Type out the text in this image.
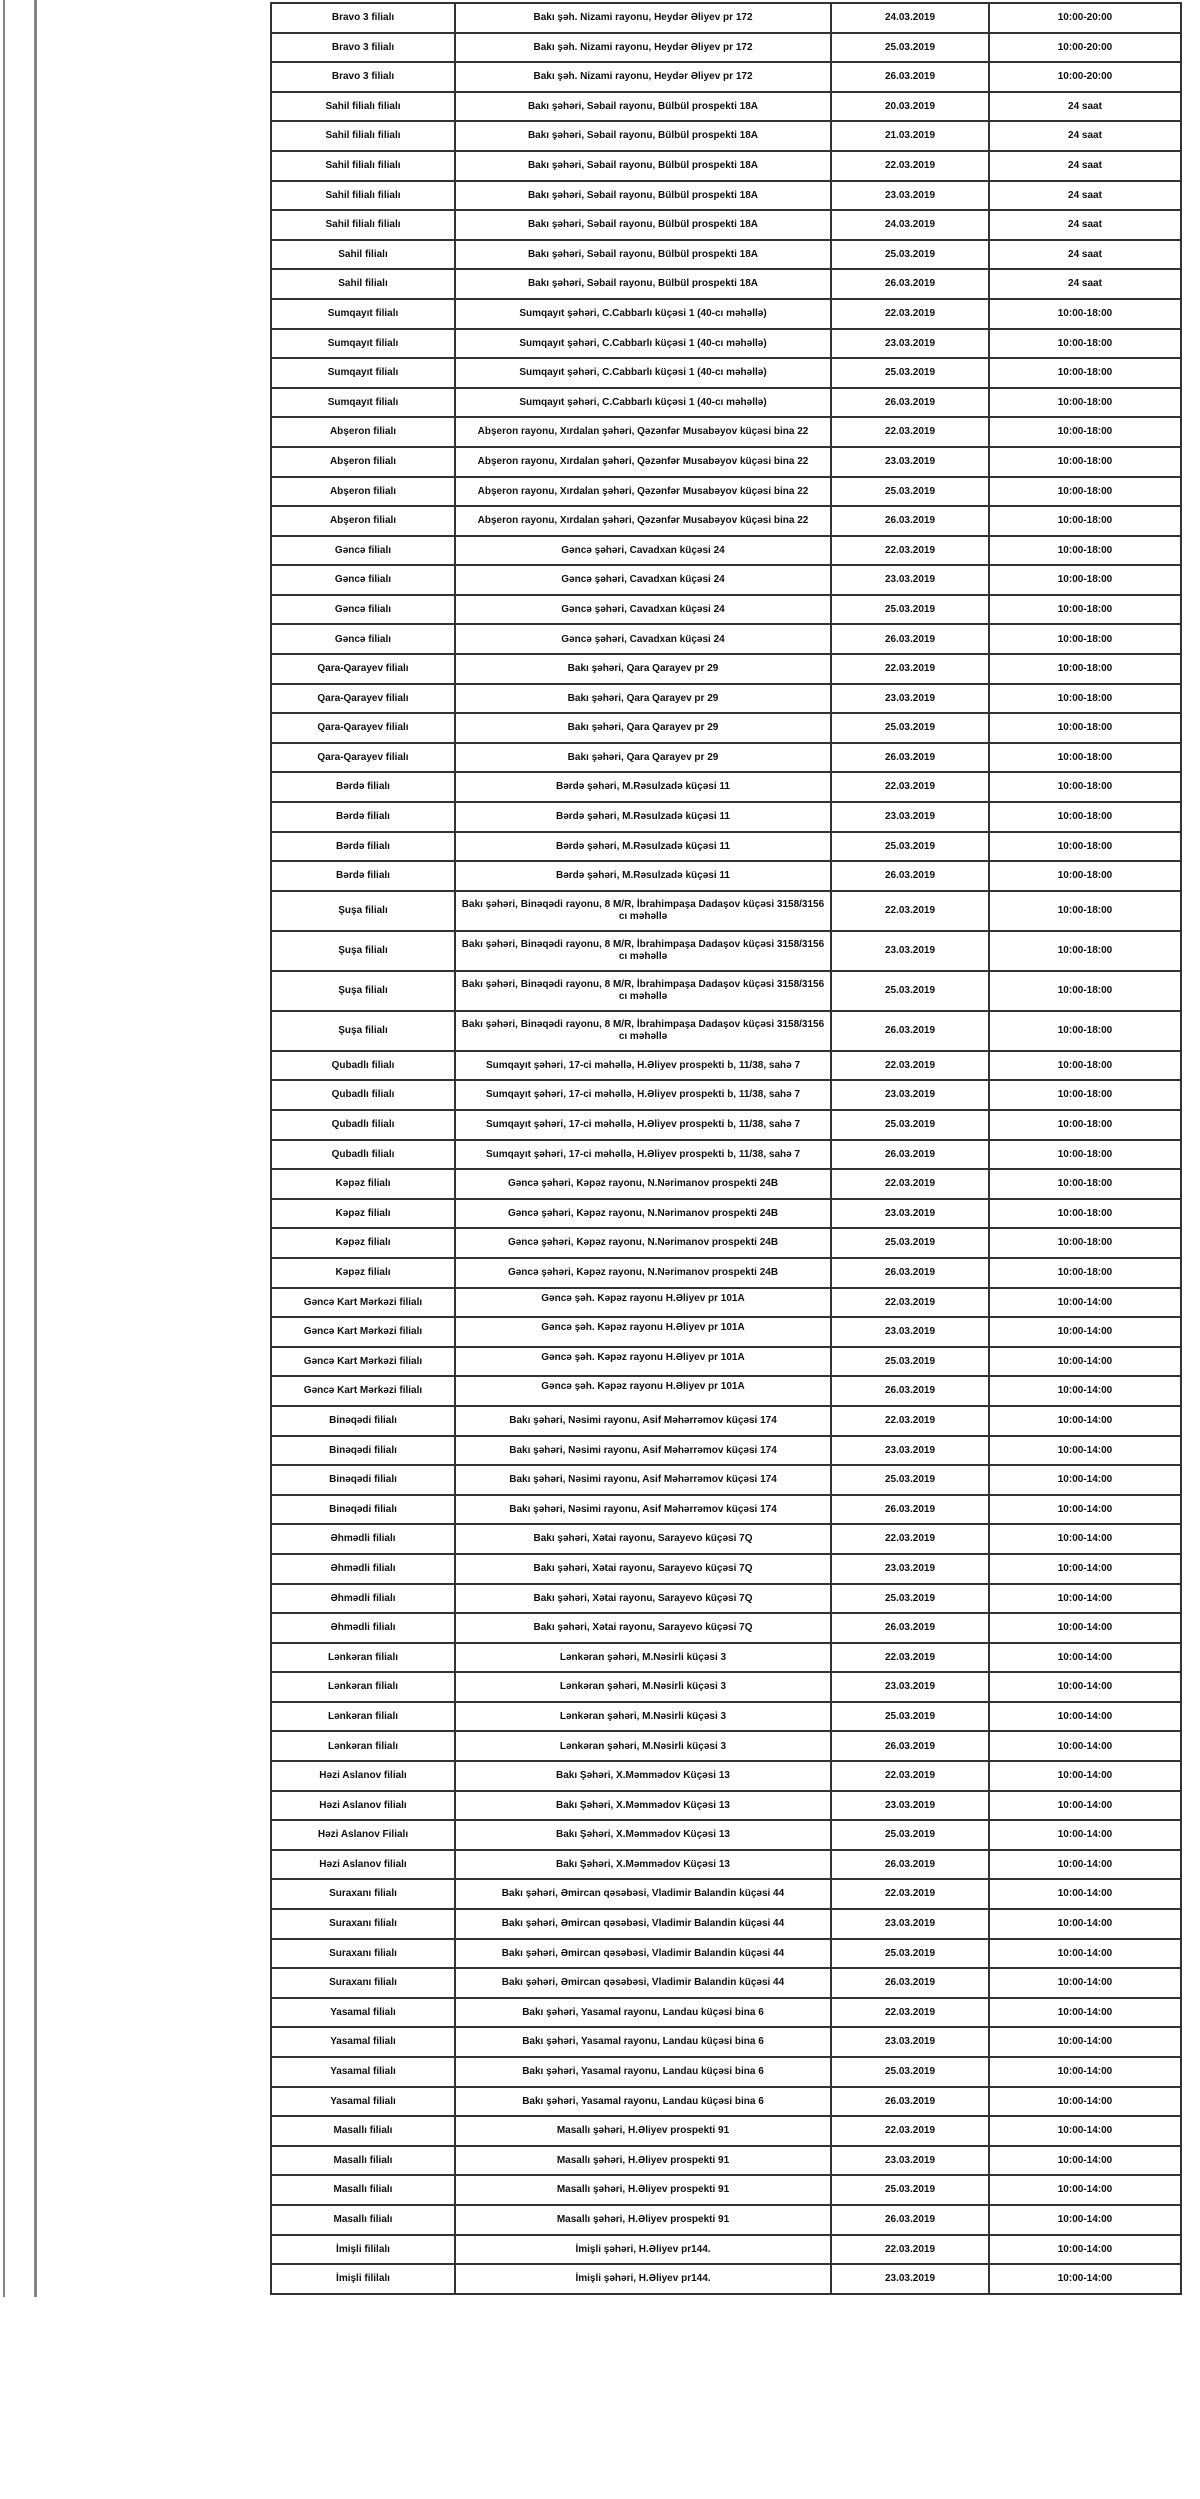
Bravo 3 filialı	Bakı şəh. Nizami rayonu, Heydər Əliyev pr 172	24.03.2019	10:00-20:00
Bravo 3 filialı	Bakı şəh. Nizami rayonu, Heydər Əliyev pr 172	25.03.2019	10:00-20:00
Bravo 3 filialı	Bakı şəh. Nizami rayonu, Heydər Əliyev pr 172	26.03.2019	10:00-20:00
Sahil filialı filialı	Bakı şəhəri, Səbail rayonu, Bülbül prospekti 18A	20.03.2019	24 saat
Sahil filialı filialı	Bakı şəhəri, Səbail rayonu, Bülbül prospekti 18A	21.03.2019	24 saat
Sahil filialı filialı	Bakı şəhəri, Səbail rayonu, Bülbül prospekti 18A	22.03.2019	24 saat
Sahil filialı filialı	Bakı şəhəri, Səbail rayonu, Bülbül prospekti 18A	23.03.2019	24 saat
Sahil filialı filialı	Bakı şəhəri, Səbail rayonu, Bülbül prospekti 18A	24.03.2019	24 saat
Sahil filialı	Bakı şəhəri, Səbail rayonu, Bülbül prospekti 18A	25.03.2019	24 saat
Sahil filialı	Bakı şəhəri, Səbail rayonu, Bülbül prospekti 18A	26.03.2019	24 saat
Sumqayıt filialı	Sumqayıt şəhəri, C.Cabbarlı küçəsi 1 (40-cı məhəllə)	22.03.2019	10:00-18:00
Sumqayıt filialı	Sumqayıt şəhəri, C.Cabbarlı küçəsi 1 (40-cı məhəllə)	23.03.2019	10:00-18:00
Sumqayıt filialı	Sumqayıt şəhəri, C.Cabbarlı küçəsi 1 (40-cı məhəllə)	25.03.2019	10:00-18:00
Sumqayıt filialı	Sumqayıt şəhəri, C.Cabbarlı küçəsi 1 (40-cı məhəllə)	26.03.2019	10:00-18:00
Abşeron filialı	Abşeron rayonu, Xırdalan şəhəri, Qəzənfər Musabəyov küçəsi bina 22	22.03.2019	10:00-18:00
Abşeron filialı	Abşeron rayonu, Xırdalan şəhəri, Qəzənfər Musabəyov küçəsi bina 22	23.03.2019	10:00-18:00
Abşeron filialı	Abşeron rayonu, Xırdalan şəhəri, Qəzənfər Musabəyov küçəsi bina 22	25.03.2019	10:00-18:00
Abşeron filialı	Abşeron rayonu, Xırdalan şəhəri, Qəzənfər Musabəyov küçəsi bina 22	26.03.2019	10:00-18:00
Gəncə filialı	Gəncə şəhəri, Cavadxan küçəsi 24	22.03.2019	10:00-18:00
Gəncə filialı	Gəncə şəhəri, Cavadxan küçəsi 24	23.03.2019	10:00-18:00
Gəncə filialı	Gəncə şəhəri, Cavadxan küçəsi 24	25.03.2019	10:00-18:00
Gəncə filialı	Gəncə şəhəri, Cavadxan küçəsi 24	26.03.2019	10:00-18:00
Qara-Qarayev filialı	Bakı şəhəri, Qara Qarayev pr 29	22.03.2019	10:00-18:00
Qara-Qarayev filialı	Bakı şəhəri, Qara Qarayev pr 29	23.03.2019	10:00-18:00
Qara-Qarayev filialı	Bakı şəhəri, Qara Qarayev pr 29	25.03.2019	10:00-18:00
Qara-Qarayev filialı	Bakı şəhəri, Qara Qarayev pr 29	26.03.2019	10:00-18:00
Bərdə filialı	Bərdə şəhəri, M.Rəsulzadə küçəsi 11	22.03.2019	10:00-18:00
Bərdə filialı	Bərdə şəhəri, M.Rəsulzadə küçəsi 11	23.03.2019	10:00-18:00
Bərdə filialı	Bərdə şəhəri, M.Rəsulzadə küçəsi 11	25.03.2019	10:00-18:00
Bərdə filialı	Bərdə şəhəri, M.Rəsulzadə küçəsi 11	26.03.2019	10:00-18:00
Şuşa filialı	Bakı şəhəri, Binəqədi rayonu, 8 M/R, İbrahimpaşa Dadaşov küçəsi 3158/3156 cı məhəllə	22.03.2019	10:00-18:00
Şuşa filialı	Bakı şəhəri, Binəqədi rayonu, 8 M/R, İbrahimpaşa Dadaşov küçəsi 3158/3156 cı məhəllə	23.03.2019	10:00-18:00
Şuşa filialı	Bakı şəhəri, Binəqədi rayonu, 8 M/R, İbrahimpaşa Dadaşov küçəsi 3158/3156 cı məhəllə	25.03.2019	10:00-18:00
Şuşa filialı	Bakı şəhəri, Binəqədi rayonu, 8 M/R, İbrahimpaşa Dadaşov küçəsi 3158/3156 cı məhəllə	26.03.2019	10:00-18:00
Qubadlı filialı	Sumqayıt şəhəri, 17-ci məhəllə, H.Əliyev prospekti b, 11/38, sahə 7	22.03.2019	10:00-18:00
Qubadlı filialı	Sumqayıt şəhəri, 17-ci məhəllə, H.Əliyev prospekti b, 11/38, sahə 7	23.03.2019	10:00-18:00
Qubadlı filialı	Sumqayıt şəhəri, 17-ci məhəllə, H.Əliyev prospekti b, 11/38, sahə 7	25.03.2019	10:00-18:00
Qubadlı filialı	Sumqayıt şəhəri, 17-ci məhəllə, H.Əliyev prospekti b, 11/38, sahə 7	26.03.2019	10:00-18:00
Kəpəz filialı	Gəncə şəhəri, Kəpəz rayonu, N.Nərimanov prospekti 24B	22.03.2019	10:00-18:00
Kəpəz filialı	Gəncə şəhəri, Kəpəz rayonu, N.Nərimanov prospekti 24B	23.03.2019	10:00-18:00
Kəpəz filialı	Gəncə şəhəri, Kəpəz rayonu, N.Nərimanov prospekti 24B	25.03.2019	10:00-18:00
Kəpəz filialı	Gəncə şəhəri, Kəpəz rayonu, N.Nərimanov prospekti 24B	26.03.2019	10:00-18:00
Gəncə Kart Mərkəzi filialı	Gəncə şəh. Kəpəz rayonu H.Əliyev pr 101A	22.03.2019	10:00-14:00
Gəncə Kart Mərkəzi filialı	Gəncə şəh. Kəpəz rayonu H.Əliyev pr 101A	23.03.2019	10:00-14:00
Gəncə Kart Mərkəzi filialı	Gəncə şəh. Kəpəz rayonu H.Əliyev pr 101A	25.03.2019	10:00-14:00
Gəncə Kart Mərkəzi filialı	Gəncə şəh. Kəpəz rayonu H.Əliyev pr 101A	26.03.2019	10:00-14:00
Binəqədi filialı	Bakı şəhəri, Nəsimi rayonu, Asif Məhərrəmov küçəsi 174	22.03.2019	10:00-14:00
Binəqədi filialı	Bakı şəhəri, Nəsimi rayonu, Asif Məhərrəmov küçəsi 174	23.03.2019	10:00-14:00
Binəqədi filialı	Bakı şəhəri, Nəsimi rayonu, Asif Məhərrəmov küçəsi 174	25.03.2019	10:00-14:00
Binəqədi filialı	Bakı şəhəri, Nəsimi rayonu, Asif Məhərrəmov küçəsi 174	26.03.2019	10:00-14:00
Əhmədli filialı	Bakı şəhəri, Xətai rayonu, Sarayevo küçəsi 7Q	22.03.2019	10:00-14:00
Əhmədli filialı	Bakı şəhəri, Xətai rayonu, Sarayevo küçəsi 7Q	23.03.2019	10:00-14:00
Əhmədli filialı	Bakı şəhəri, Xətai rayonu, Sarayevo küçəsi 7Q	25.03.2019	10:00-14:00
Əhmədli filialı	Bakı şəhəri, Xətai rayonu, Sarayevo küçəsi 7Q	26.03.2019	10:00-14:00
Lənkəran filialı	Lənkəran şəhəri, M.Nəsirli küçəsi 3	22.03.2019	10:00-14:00
Lənkəran filialı	Lənkəran şəhəri, M.Nəsirli küçəsi 3	23.03.2019	10:00-14:00
Lənkəran filialı	Lənkəran şəhəri, M.Nəsirli küçəsi 3	25.03.2019	10:00-14:00
Lənkəran filialı	Lənkəran şəhəri, M.Nəsirli küçəsi 3	26.03.2019	10:00-14:00
Həzi Aslanov filialı	Bakı Şəhəri, X.Məmmədov Küçəsi 13	22.03.2019	10:00-14:00
Həzi Aslanov filialı	Bakı Şəhəri, X.Məmmədov Küçəsi 13	23.03.2019	10:00-14:00
Həzi Aslanov Filialı	Bakı Şəhəri, X.Məmmədov Küçəsi 13	25.03.2019	10:00-14:00
Həzi Aslanov filialı	Bakı Şəhəri, X.Məmmədov Küçəsi 13	26.03.2019	10:00-14:00
Suraxanı filialı	Bakı şəhəri, Əmircan qəsəbəsi, Vladimir Balandin küçəsi 44	22.03.2019	10:00-14:00
Suraxanı filialı	Bakı şəhəri, Əmircan qəsəbəsi, Vladimir Balandin küçəsi 44	23.03.2019	10:00-14:00
Suraxanı filialı	Bakı şəhəri, Əmircan qəsəbəsi, Vladimir Balandin küçəsi 44	25.03.2019	10:00-14:00
Suraxanı filialı	Bakı şəhəri, Əmircan qəsəbəsi, Vladimir Balandin küçəsi 44	26.03.2019	10:00-14:00
Yasamal filialı	Bakı şəhəri, Yasamal rayonu, Landau küçəsi bina 6	22.03.2019	10:00-14:00
Yasamal filialı	Bakı şəhəri, Yasamal rayonu, Landau küçəsi bina 6	23.03.2019	10:00-14:00
Yasamal filialı	Bakı şəhəri, Yasamal rayonu, Landau küçəsi bina 6	25.03.2019	10:00-14:00
Yasamal filialı	Bakı şəhəri, Yasamal rayonu, Landau küçəsi bina 6	26.03.2019	10:00-14:00
Masallı filialı	Masallı şəhəri, H.Əliyev prospekti 91	22.03.2019	10:00-14:00
Masallı filialı	Masallı şəhəri, H.Əliyev prospekti 91	23.03.2019	10:00-14:00
Masallı filialı	Masallı şəhəri, H.Əliyev prospekti 91	25.03.2019	10:00-14:00
Masallı filialı	Masallı şəhəri, H.Əliyev prospekti 91	26.03.2019	10:00-14:00
İmişli fililalı	İmişli şəhəri, H.Əliyev pr144.	22.03.2019	10:00-14:00
İmişli fililalı	İmişli şəhəri, H.Əliyev pr144.	23.03.2019	10:00-14:00
